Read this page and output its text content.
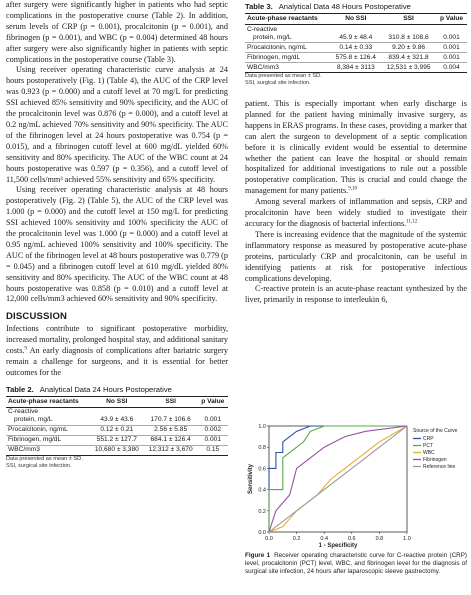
after surgery were significantly higher in patients who had septic complications in the postoperative course (Table 2). In addition, serum levels of CRP (p = 0.001), procalcitonin (p = 0.001), and fibrinogen (p = 0.001), and WBC (p = 0.004) determined 48 hours after surgery were also significantly higher in patients with septic complications in the postoperative course (Table 3).

Using receiver operating characteristic curve analysis at 24 hours postoperatively (Fig. 1) (Table 4), the AUC of the CRP level was 0.923 (p = 0.000) and a cutoff level at 70 mg/L for predicting SSI achieved 85% sensitivity and 90% specificity, and the AUC of the procalcitonin level was 0.876 (p = 0.000), and a cutoff level at 0.2 ng/mL achieved 70% sensitivity and 90% specificity. The AUC of the fibrinogen level at 24 hours postoperative was 0.754 (p = 0.015), and a fibrinogen cutoff level at 600 mg/dL yielded 60% sensitivity and 80% specificity. The AUC of the WBC count at 24 hours postoperative was 0.597 (p = 0.356), and a cutoff level of 11,500 cells/mm³ achieved 55% sensitivity and 65% specificity.

Using receiver operating characteristic analysis at 48 hours postoperatively (Fig. 2) (Table 5), the AUC of the CRP level was 1.000 (p = 0.000) and the cutoff level at 150 mg/L for predicting SSI achieved 100% sensitivity and 100% specificity the AUC of the procalcitonin level was 1.000 (p = 0.000) and a cutoff level at 0.95 ng/mL achieved 100% sensitivity and 100% specificity. The AUC of the fibrinogen level at 48 hours postoperative was 0.779 (p = 0.045) and a fibrinogen cutoff level at 610 mg/dL yielded 80% sensitivity and 80% specificity. The AUC of the WBC count at 48 hours postoperative was 0.858 (p = 0.010) and a cutoff level at 12,000 cells/mm3 achieved 60% sensitivity and 90% specificity.

DISCUSSION

Infections contribute to significant postoperative morbidity, increased mortality, prolonged hospital stay, and additional sanitary costs.$^9$ An early diagnosis of complications after bariatric surgery remain a challenge for surgeons, and it is essential for better outcomes for the

Table 2. Analytical Data 24 Hours Postoperative
Acute-phase reactants	No SSI	SSI	p Value
C-reactive
protein, mg/L	43.9 ± 43.6	170.7 ± 106.6	0.001
Procalcitonin, ng/mL	0.12 ± 0.21	2.56 ± 5.85	0.002
Fibrinogen, mg/dL	551.2 ± 127.7	684.1 ± 126.4	0.001
WBC/mm3	10,680 ± 3,380	12,312 ± 3,670	0.15
Data presented as mean ± SD.
SSI, surgical site infection.
Table 3. Analytical Data 48 Hours Postoperative
Acute-phase reactants	No SSI	SSI	p Value
C-reactive
protein, mg/L	45.9 ± 48.4	310.8 ± 108.6	0.001
Procalcitonin, ng/mL	0.14 ± 0.33	9.20 ± 9.86	0.001
Fibrinogen, mg/dL	575.8 ± 126.4	839.4 ± 321.8	0.001
WBC/mm3	8,384 ± 3113	12,531 ± 3,995	0.004
Data presented as mean ± SD.
SSI, surgical site infection.

patient. This is especially important when early discharge is planned for the patient having minimally invasive surgery, as happens in ERAS programs. In these cases, providing a marker that can alert the surgeon to development of a septic complication before it is clinically evident would be essential to determine whether the patient can leave the hospital or should remain hospitalized for additional investigations to rule out a possible postoperative complication. This is crucial and could change the management for many patients.$^{9,10}$

Among several markers of inflammation and sepsis, CRP and procalcitonin have been widely studied to investigate their accuracy for the diagnosis of bacterial infections.$^{11,12}$

There is increasing evidence that the magnitude of the systemic inflammatory response as measured by postoperative acute-phase proteins, particularly CRP and procalcitonin, can be useful in identifying patients at risk for postoperative infectious complications developing.

C-reactive protein is an acute-phase reactant synthesized by the liver, primarily in response to interleukin 6,

0.0	0.2	0.4	0.6	0.8	1.0
0.0
0.2
0.4
0.6
0.8
1.0
1 - Specificity
Sensitivity
Source of the Curve
CRP
PCT
WBC
Fibrinogen
Reference line
Figure 1 Receiver operating characteristic curve for C-reactive protein (CRP) level, procalcitonin (PCT) level, WBC, and fibrinogen level for the diagnosis of surgical site infection, 24 hours after laparoscopic sleeve gastrectomy.
